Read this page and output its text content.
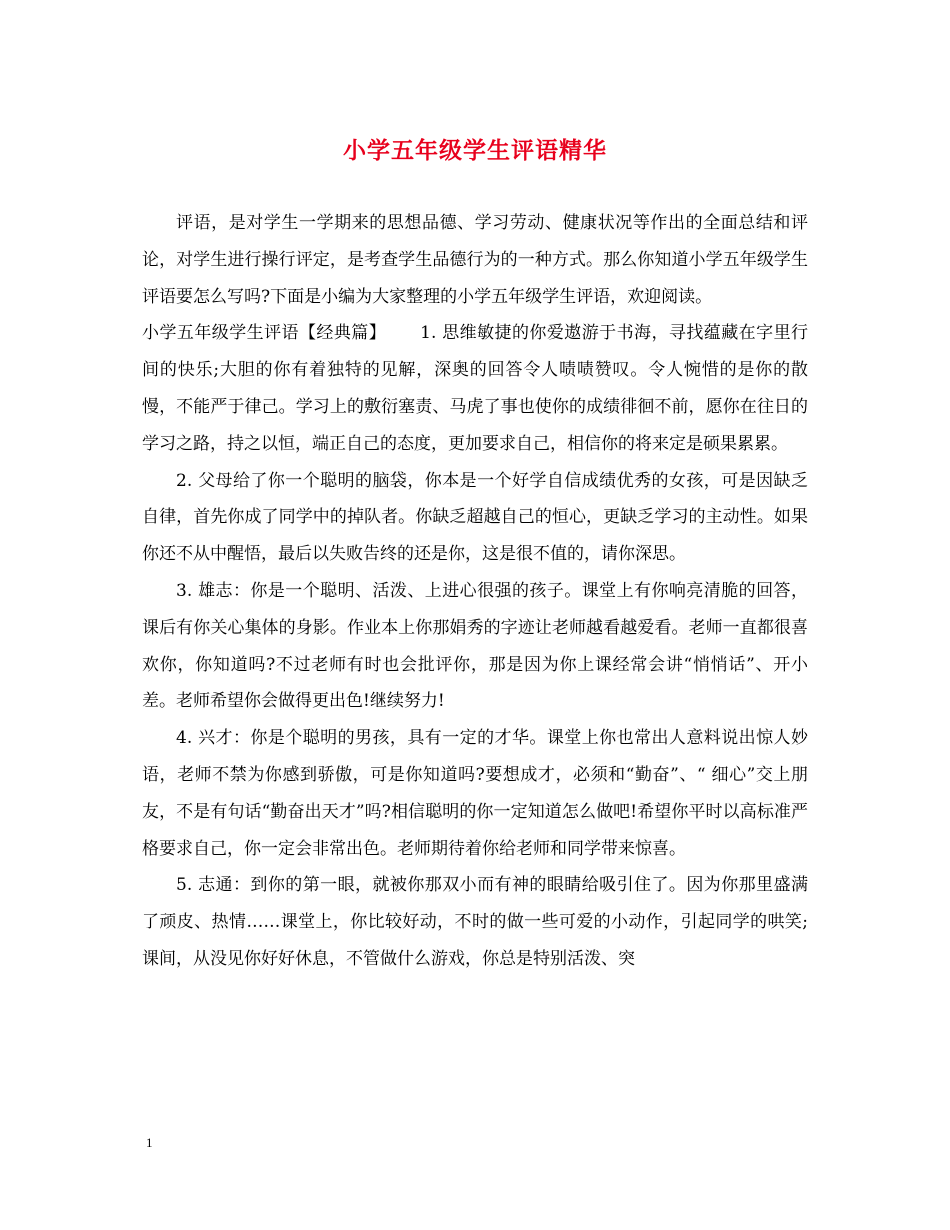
小学五年级学生评语精华

评语，是对学生一学期来的思想品德、学习劳动、健康状况等作出的全面总结和评论，对学生进行操行评定，是考查学生品德行为的一种方式。那么你知道小学五年级学生评语要怎么写吗?下面是小编为大家整理的小学五年级学生评语，欢迎阅读。

小学五年级学生评语【经典篇】 1. 思维敏捷的你爱遨游于书海，寻找蕴藏在字里行间的快乐;大胆的你有着独特的见解，深奥的回答令人啧啧赞叹。令人惋惜的是你的散慢，不能严于律己。学习上的敷衍塞责、马虎了事也使你的成绩徘徊不前，愿你在往日的学习之路，持之以恒，端正自己的态度，更加要求自己，相信你的将来定是硕果累累。

2. 父母给了你一个聪明的脑袋，你本是一个好学自信成绩优秀的女孩，可是因缺乏自律，首先你成了同学中的掉队者。你缺乏超越自己的恒心，更缺乏学习的主动性。如果你还不从中醒悟，最后以失败告终的还是你，这是很不值的，请你深思。

3. 雄志：你是一个聪明、活泼、上进心很强的孩子。课堂上有你响亮清脆的回答，课后有你关心集体的身影。作业本上你那娟秀的字迹让老师越看越爱看。老师一直都很喜欢你，你知道吗?不过老师有时也会批评你，那是因为你上课经常会讲“悄悄话”、开小差。老师希望你会做得更出色!继续努力!

4. 兴才：你是个聪明的男孩，具有一定的才华。课堂上你也常出人意料说出惊人妙语，老师不禁为你感到骄傲，可是你知道吗?要想成才，必须和“勤奋”、“ 细心”交上朋友，不是有句话“勤奋出天才”吗?相信聪明的你一定知道怎么做吧!希望你平时以高标准严格要求自己，你一定会非常出色。老师期待着你给老师和同学带来惊喜。

5. 志通：到你的第一眼，就被你那双小而有神的眼睛给吸引住了。因为你那里盛满了顽皮、热情……课堂上，你比较好动，不时的做一些可爱的小动作，引起同学的哄笑;课间，从没见你好好休息，不管做什么游戏，你总是特别活泼、突

1
